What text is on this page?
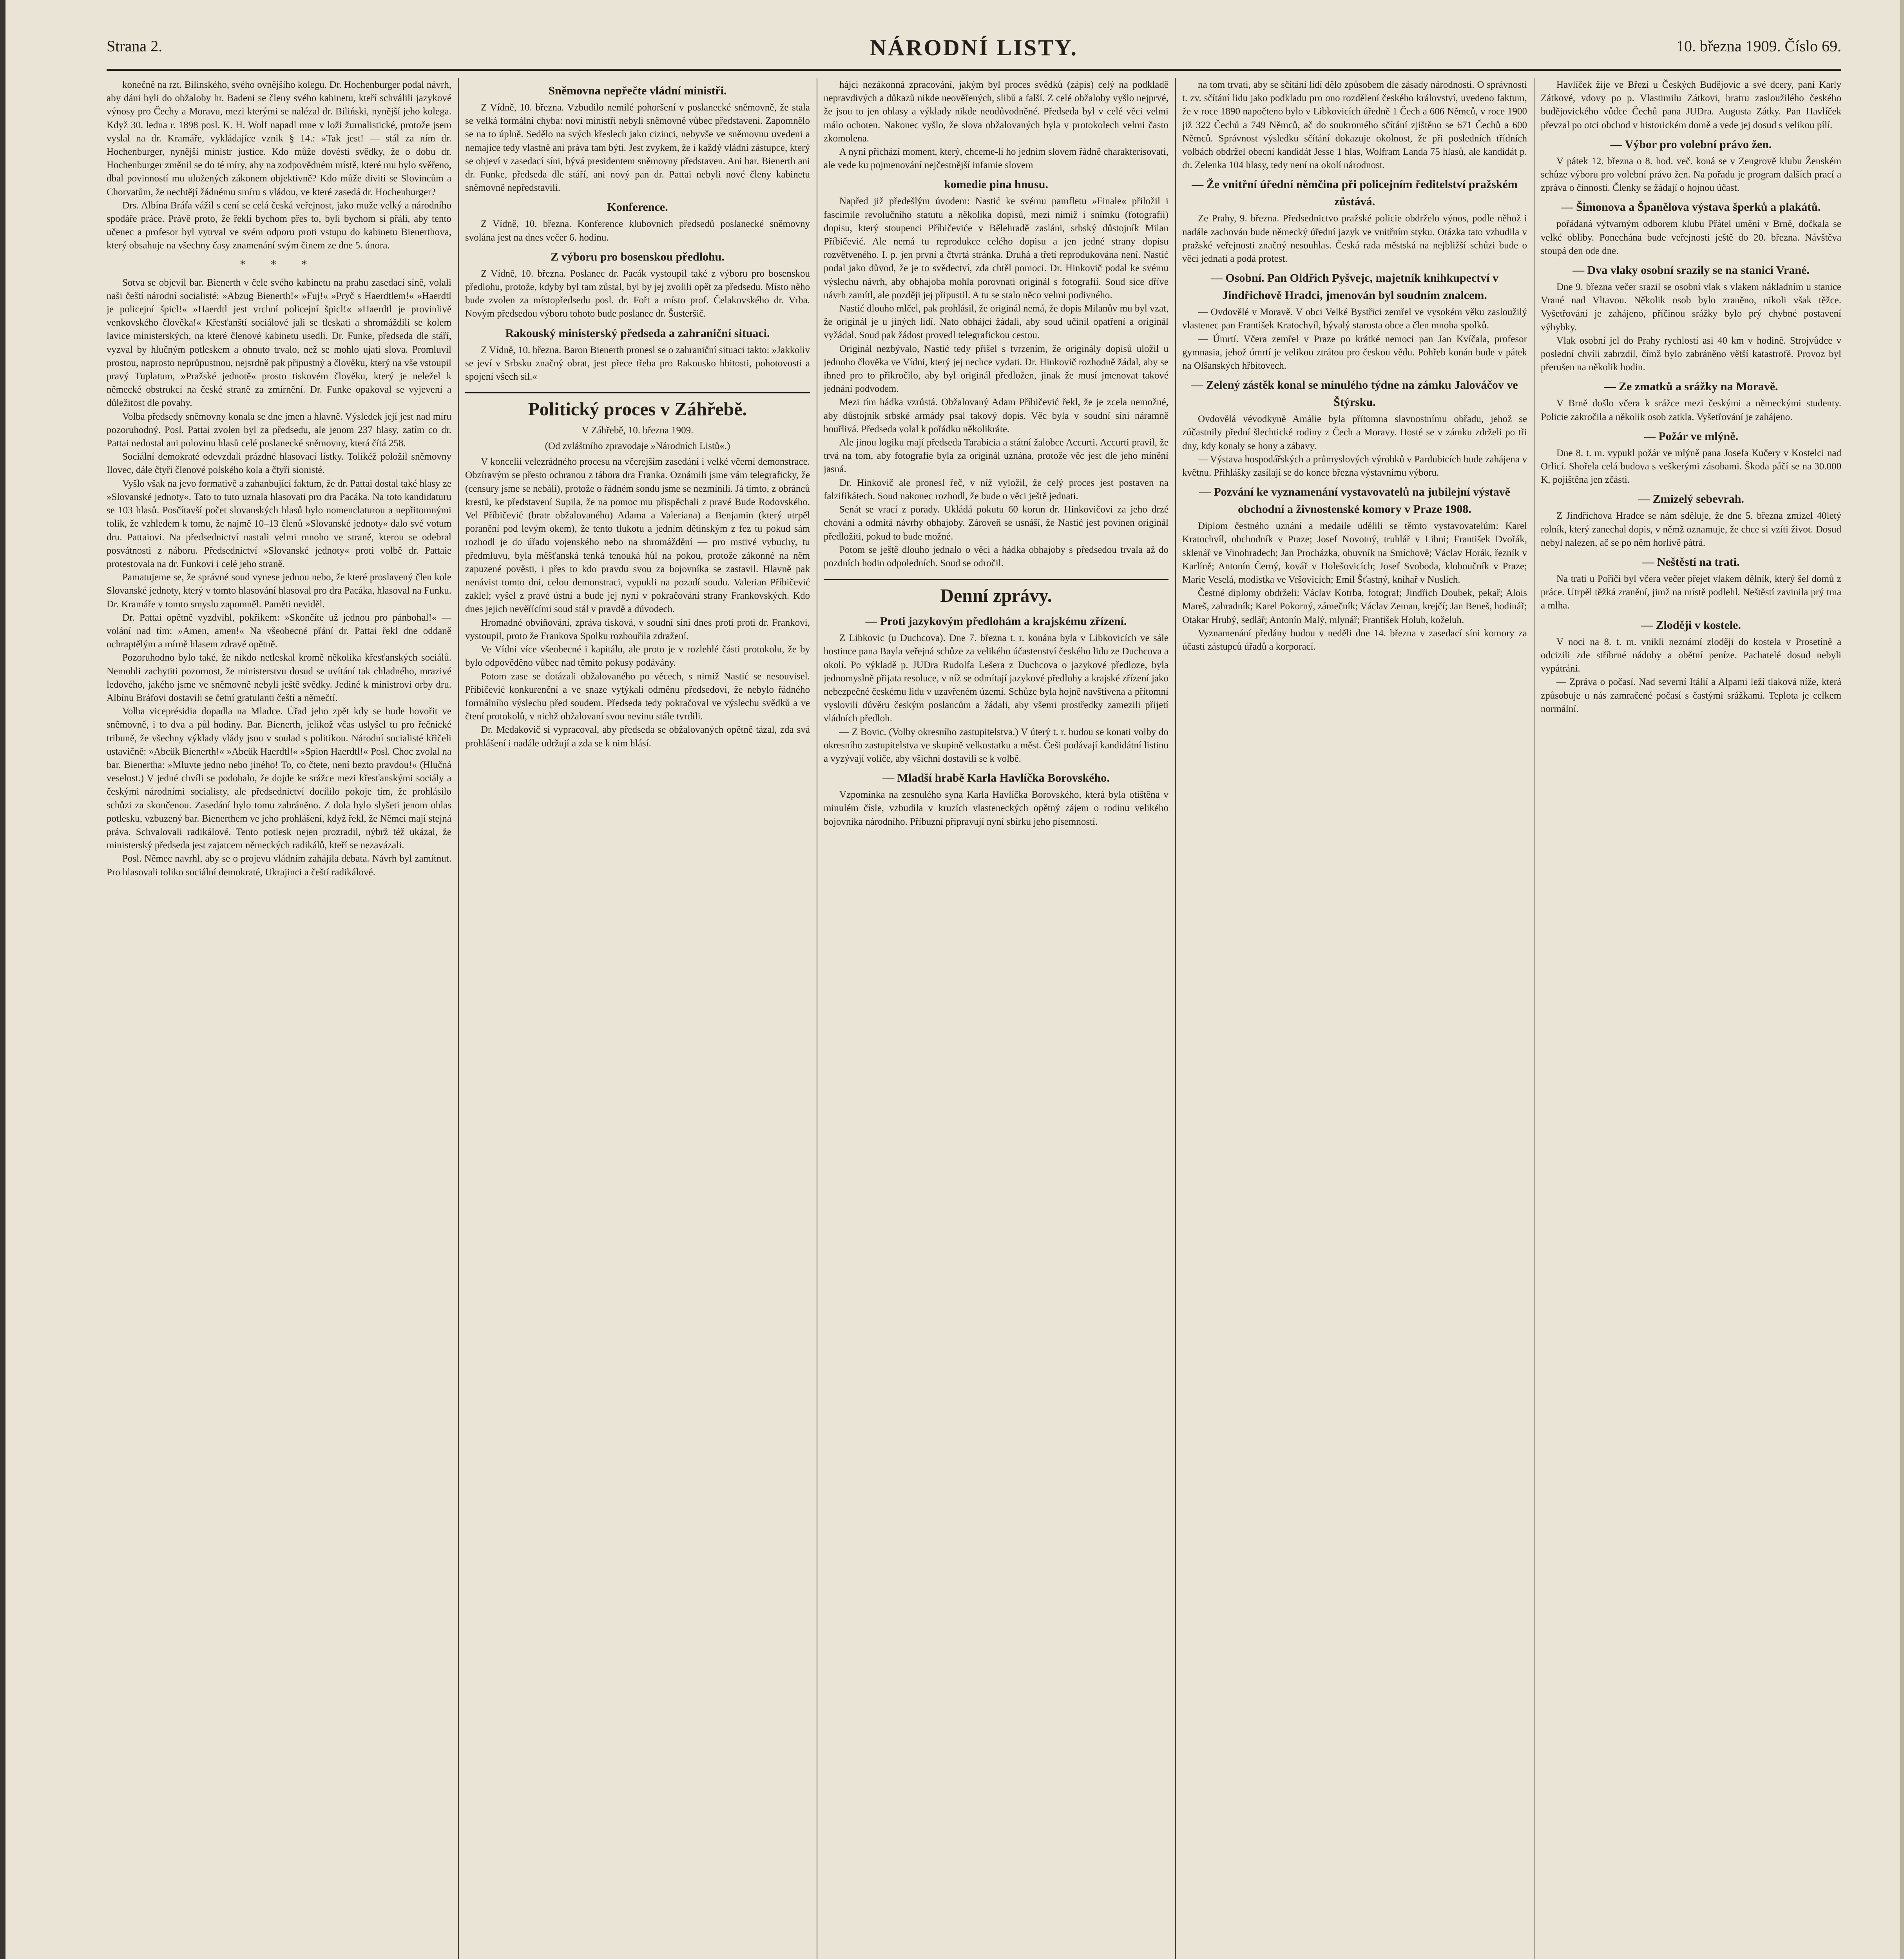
Strana 2.	NÁRODNÍ LISTY.	10. března 1909. Číslo 69.

konečně na rzt. Bilinského, svého ovnějšího kolegu. Dr. Hochenburger podal návrh, aby dáni byli do obžaloby hr. Badeni se členy svého kabinetu, kteří schválili jazykové výnosy pro Čechy a Moravu, mezi kterými se nalézal dr. Biliński, nynější jeho kolega. Když 30. ledna r. 1898 posl. K. H. Wolf napadl mne v loži žurnalistické, protože jsem vyslal na dr. Kramáře, vykládajíce vznik § 14.: »Tak jest! — stál za ním dr. Hochenburger, nynější ministr justice. Kdo může dovésti svědky, že o dobu dr. Hochenburger změnil se do té míry, aby na zodpovědném místě, které mu bylo svěřeno, dbal povinností mu uložených zákonem objektivně? Kdo může diviti se Slovincům a Chorvatům, že nechtějí žádnému smíru s vládou, ve které zasedá dr. Hochenburger?

Drs. Albína Bráfa vážil s cení se celá česká veřejnost, jako muže velký a národního spodáře práce. Právě proto, že řekli bychom přes to, byli bychom si přáli, aby tento učenec a profesor byl vytrval ve svém odporu proti vstupu do kabinetu Bienerthova, který obsahuje na všechny časy znamenání svým činem ze dne 5. února.

* * *

Sotva se objevil bar. Bienerth v čele svého kabinetu na prahu zasedací síně, volali naši čeští národní socialisté: »Abzug Bienerth!« »Fuj!« »Pryč s Haerdtlem!« »Haerdtl je policejní špicl!« »Haerdtl jest vrchní policejní špicl!« »Haerdtl je provinlivě venkovského člověka!« Křesťanští sociálové jali se tleskati a shromáždili se kolem lavice ministerských, na které členové kabinetu usedli. Dr. Funke, předseda dle stáří, vyzval by hlučným potleskem a ohnuto trvalo, než se mohlo ujati slova. Promluvil prostou, naprosto neprůpustnou, nejsrdně pak připustný a člověku, který na vše vstoupil pravý Tuplatum, »Pražské jednotě« prosto tiskovém člověku, který je neležel k německé obstrukcí na české straně za zmírnění. Dr. Funke opakoval se vyjevení a důležitost dle povahy.

Volba předsedy sněmovny konala se dne jmen a hlavně. Výsledek její jest nad míru pozoruhodný. Posl. Pattai zvolen byl za předsedu, ale jenom 237 hlasy, zatím co dr. Pattai nedostal ani polovinu hlasů celé poslanecké sněmovny, která čítá 258.

Sociální demokraté odevzdali prázdné hlasovací lístky. Tolikéž položil sněmovny Ilovec, dále čtyři členové polského kola a čtyři sionisté.

Vyšlo však na jevo formativě a zahanbující faktum, že dr. Pattai dostal také hlasy ze »Slovanské jednoty«. Tato to tuto uznala hlasovati pro dra Pacáka. Na toto kandidaturu se 103 hlasů. Posčítavší počet slovanských hlasů bylo nomenclaturou a nepřitomnými tolik, že vzhledem k tomu, že najmě 10–13 členů »Slovanské jednoty« dalo své votum dru. Pattaiovi. Na předsednictví nastali velmi mnoho ve straně, kterou se odebral posvátnosti z náboru. Předsednictví »Slovanské jednoty« proti volbě dr. Pattaie protestovala na dr. Funkovi i celé jeho straně.

Pamatujeme se, že správné soud vynese jednou nebo, že které proslavený člen kole Slovanské jednoty, který v tomto hlasování hlasoval pro dra Pacáka, hlasoval na Funku. Dr. Kramáře v tomto smyslu zapomněl. Paměti neviděl.

Dr. Pattai opětně vyzdvihl, pokřikem: »Skončíte už jednou pro pánbohal!« — volání nad tím: »Amen, amen!« Na všeobecné přání dr. Pattai řekl dne oddaně ochraptělým a mírně hlasem zdravě opětně.

Pozoruhodno bylo také, že nikdo netleskal kromě několika křesťanských sociálů. Nemohli zachytiti pozornost, že ministerstvu dosud se uvítání tak chladného, mrazivé ledového, jakého jsme ve sněmovně nebyli ještě svědky. Jediné k ministrovi orby dru. Albínu Bráfovi dostavili se četní gratulanti čeští a němečtí.

Volba viceprésidia dopadla na Mladce. Úřad jeho zpět kdy se bude hovořit ve sněmovně, i to dva a půl hodiny. Bar. Bienerth, jelikož včas uslyšel tu pro řečnické tribuně, že všechny výklady vlády jsou v soulad s politikou. Národní socialisté křičeli ustavičně: »Abcük Bienerth!« »Abcük Haerdtl!« »Spion Haerdtl!« Posl. Choc zvolal na bar. Bienertha: »Mluvte jedno nebo jiného! To, co čtete, není bezto pravdou!« (Hlučná veselost.) V jedné chvíli se podobalo, že dojde ke srážce mezi křesťanskými sociály a českými národními socialisty, ale předsednictví docílilo pokoje tím, že prohlásilo schůzi za skončenou. Zasedání bylo tomu zabráněno. Z dola bylo slyšeti jenom ohlas potlesku, vzbuzený bar. Bienerthem ve jeho prohlášení, když řekl, že Němci mají stejná práva. Schvalovali radikálové. Tento potlesk nejen prozradil, nýbrž též ukázal, že ministerský předseda jest zajatcem německých radikálů, kteří se nezavázali.

Posl. Němec navrhl, aby se o projevu vládním zahájila debata. Návrh byl zamítnut. Pro hlasovali toliko sociální demokraté, Ukrajinci a čeští radikálové.

Sněmovna nepřečte vládní ministři.

Z Vídně, 10. března. Vzbudilo nemilé pohoršení v poslanecké sněmovně, že stala se velká formální chyba: noví ministři nebyli sněmovně vůbec představeni. Zapomnělo se na to úplně. Sedělo na svých křeslech jako cizinci, nebyvše ve sněmovnu uvedeni a nemajíce tedy vlastně ani práva tam býti. Jest zvykem, že i každý vládní zástupce, který se objeví v zasedací síni, bývá presidentem sněmovny představen. Ani bar. Bienerth ani dr. Funke, předseda dle stáří, ani nový pan dr. Pattai nebyli nové členy kabinetu sněmovně nepředstavili.

Konference.

Z Vídně, 10. března. Konference klubovních předsedů poslanecké sněmovny svolána jest na dnes večer 6. hodinu.

Z výboru pro bosenskou předlohu.

Z Vídně, 10. března. Poslanec dr. Pacák vystoupil také z výboru pro bosenskou předlohu, protože, kdyby byl tam zůstal, byl by jej zvolili opět za předsedu. Místo něho bude zvolen za místopředsedu posl. dr. Fořt a místo prof. Čelakovského dr. Vrba. Novým předsedou výboru tohoto bude poslanec dr. Šusteršič.

Rakouský ministerský předseda a zahraniční situaci.

Z Vídně, 10. března. Baron Bienerth pronesl se o zahraniční situaci takto: »Jakkoliv se jeví v Srbsku značný obrat, jest přece třeba pro Rakousko hbitosti, pohotovosti a spojení všech sil.«

Politický proces v Záhřebě.
V Záhřebě, 10. března 1909.
(Od zvláštního zpravodaje »Národních Listů«.)

V koncelii velezrádného procesu na včerejším zasedání i velké včerní demonstrace. Obzíravým se přesto ochranou z tábora dra Franka. Oznámili jsme vám telegraficky, že (censury jsme se nebáli), protože o řádném sondu jsme se nezmínili. Já tímto, z obránců krestů, ke představení Supila, že na pomoc mu přispěchali z pravé Bude Rodovského. Vel Příbičević (bratr obžalovaného) Adama a Valeriana) a Benjamin (který utrpěl poranění pod levým okem), že tento tlukotu a jedním dětinským z fez tu pokud sám rozhodl je do úřadu vojenského nebo na shromáždění — pro mstivé vybuchy, tu předmluvu, byla měšťanská tenká tenouká hůl na pokou, protože zákonné na něm zapuzené pověsti, i přes to kdo pravdu svou za bojovníka se zastavil. Hlavně pak nenávist tomto dni, celou demonstraci, vypukli na pozadí soudu. Valerian Příbičević zaklel; vyšel z pravé ústní a bude jej nyní v pokračování strany Frankovských. Kdo dnes jejich nevěřícími soud stál v pravdě a důvodech.

Hromadné obviňování, zpráva tisková, v soudní síni dnes proti proti dr. Frankovi, vystoupil, proto že Frankova Spolku rozbouřila zdražení.

Ve Vídni více všeobecné i kapitálu, ale proto je v rozlehlé části protokolu, že by bylo odpověděno vůbec nad těmito pokusy podávány.

Potom zase se dotázali obžalovaného po věcech, s nimiž Nastić se nesouvisel. Příbičević konkurenční a ve snaze vytýkali odměnu předsedovi, že nebylo řádného formálního výslechu před soudem. Předseda tedy pokračoval ve výslechu svědků a ve čtení protokolů, v nichž obžalovaní svou nevinu stále tvrdili.

Dr. Medakovič si vypracoval, aby předseda se obžalovaných opětně tázal, zda svá prohlášení i nadále udržují a zda se k nim hlásí.

hájci nezákonná zpracování, jakým byl proces svědků (zápis) celý na podkladě nepravdivých a důkazů nikde neověřených, slibů a falší. Z celé obžaloby vyšlo nejprvé, že jsou to jen ohlasy a výklady nikde neodůvodněné. Předseda byl v celé věci velmi málo ochoten. Nakonec vyšlo, že slova obžalovaných byla v protokolech velmi často zkomolena.

A nyní přichází moment, který, chceme-li ho jednim slovem řádně charakterisovati, ale vede ku pojmenování nejčestnější infamie slovem

komedie pina hnusu.

Napřed již předešlým úvodem: Nastić ke svému pamfletu »Finale« přiložil i fascimile revolučního statutu a několika dopisů, mezi nimiž i snímku (fotografii) dopisu, který stoupenci Příbičeviće v Bělehradě zasláni, srbský důstojník Milan Příbičević. Ale nemá tu reprodukce celého dopisu a jen jedné strany dopisu rozvětveného. I. p. jen první a čtvrtá stránka. Druhá a třetí reprodukována není. Nastić podal jako důvod, že je to svědectví, zda chtěl pomoci. Dr. Hinkovič podal ke svému výslechu návrh, aby obhajoba mohla porovnati originál s fotografií. Soud sice dříve návrh zamítl, ale později jej připustil. A tu se stalo něco velmi podivného.

Nastić dlouho mlčel, pak prohlásil, že originál nemá, že dopis Milanův mu byl vzat, že originál je u jiných lidí. Nato obhájci žádali, aby soud učinil opatření a originál vyžádal. Soud pak žádost provedl telegrafickou cestou.

Originál nezbývalo, Nastić tedy přišel s tvrzením, že originály dopisů uložil u jednoho člověka ve Vídni, který jej nechce vydati. Dr. Hinkovič rozhodně žádal, aby se ihned pro to přikročilo, aby byl originál předložen, jinak že musí jmenovat takové jednání podvodem.

Mezi tím hádka vzrůstá. Obžalovaný Adam Příbičević řekl, že je zcela nemožné, aby důstojník srbské armády psal takový dopis. Věc byla v soudní síni náramně bouřlivá. Předseda volal k pořádku několikráte.

Ale jinou logiku mají předseda Tarabicia a státní žalobce Accurti. Accurti pravil, že trvá na tom, aby fotografie byla za originál uznána, protože věc jest dle jeho mínění jasná.

Dr. Hinkovič ale pronesl řeč, v níž vyložil, že celý proces jest postaven na falzifikátech. Soud nakonec rozhodl, že bude o věci ještě jednati.

Senát se vrací z porady. Ukládá pokutu 60 korun dr. Hinkovičovi za jeho drzé chování a odmítá návrhy obhajoby. Zároveň se usnáší, že Nastić jest povinen originál předložiti, pokud to bude možné.

Potom se ještě dlouho jednalo o věci a hádka obhajoby s předsedou trvala až do pozdních hodin odpoledních. Soud se odročil.

Denní zprávy.
— Proti jazykovým předlohám a krajskému zřízení.

Z Libkovic (u Duchcova). Dne 7. března t. r. konána byla v Libkovicích ve sále hostince pana Bayla veřejná schůze za velikého účastenství českého lidu ze Duchcova a okolí. Po výkladě p. JUDra Rudolfa Lešera z Duchcova o jazykové předloze, byla jednomyslně přijata resoluce, v níž se odmítají jazykové předlohy a krajské zřízení jako nebezpečné českému lidu v uzavřeném území. Schůze byla hojně navštívena a přítomní vyslovili důvěru českým poslancům a žádali, aby všemi prostředky zamezili přijetí vládních předloh.

— Z Bovic. (Volby okresního zastupitelstva.) V úterý t. r. budou se konati volby do okresního zastupitelstva ve skupině velkostatku a měst. Češi podávají kandidátní listinu a vyzývají voliče, aby všichni dostavili se k volbě.

— Mladší hrabě Karla Havlíčka Borovského.

Vzpomínka na zesnulého syna Karla Havlíčka Borovského, která byla otištěna v minulém čísle, vzbudila v kruzích vlasteneckých opětný zájem o rodinu velikého bojovníka národního. Příbuzní připravují nyní sbírku jeho písemností.

na tom trvati, aby se sčítání lidí dělo způsobem dle zásady národnosti. O správnosti t. zv. sčítání lidu jako podkladu pro ono rozdělení českého království, uvedeno faktum, že v roce 1890 napočteno bylo v Libkovicích úředně 1 Čech a 606 Němců, v roce 1900 již 322 Čechů a 749 Němců, ač do soukromého sčítání zjištěno se 671 Čechů a 600 Němců. Správnost výsledku sčítání dokazuje okolnost, že při posledních třídních volbách obdržel obecní kandidát Jesse 1 hlas, Wolfram Landa 75 hlasů, ale kandidát p. dr. Zelenka 104 hlasy, tedy není na okolí národnost.

— Že vnitřní úřední němčina při policejním ředitelství pražském zůstává.

Ze Prahy, 9. března. Předsednictvo pražské policie obdrželo výnos, podle něhož i nadále zachován bude německý úřední jazyk ve vnitřním styku. Otázka tato vzbudila v pražské veřejnosti značný nesouhlas. Česká rada městská na nejbližší schůzi bude o věci jednati a podá protest.

— Osobní. Pan Oldřich Pyšvejc, majetník knihkupectví v Jindřichově Hradci, jmenován byl soudním znalcem.

— Ovdovělé v Moravě. V obci Velké Bystřici zemřel ve vysokém věku zasloužilý vlastenec pan František Kratochvíl, bývalý starosta obce a člen mnoha spolků.

— Úmrtí. Včera zemřel v Praze po krátké nemoci pan Jan Kvíčala, profesor gymnasia, jehož úmrtí je velikou ztrátou pro českou vědu. Pohřeb konán bude v pátek na Olšanských hřbitovech.

— Zelený zástěk konal se minulého týdne na zámku Jalováčov ve Štýrsku.

Ovdovělá vévodkyně Amálie byla přítomna slavnostnímu obřadu, jehož se zúčastnily přední šlechtické rodiny z Čech a Moravy. Hosté se v zámku zdrželi po tři dny, kdy konaly se hony a zábavy.

— Výstava hospodářských a průmyslových výrobků v Pardubicích bude zahájena v květnu. Přihlášky zasílají se do konce března výstavnímu výboru.

— Pozvání ke vyznamenání vystavovatelů na jubilejní výstavě obchodní a živnostenské komory v Praze 1908.

Diplom čestného uznání a medaile udělili se těmto vystavovatelům: Karel Kratochvíl, obchodník v Praze; Josef Novotný, truhlář v Libni; František Dvořák, sklenář ve Vinohradech; Jan Procházka, obuvník na Smíchově; Václav Horák, řezník v Karlíně; Antonín Černý, kovář v Holešovicích; Josef Svoboda, kloboučník v Praze; Marie Veselá, modistka ve Vršovicích; Emil Šťastný, knihař v Nuslích.

Čestné diplomy obdrželi: Václav Kotrba, fotograf; Jindřich Doubek, pekař; Alois Mareš, zahradník; Karel Pokorný, zámečník; Václav Zeman, krejčí; Jan Beneš, hodinář; Otakar Hrubý, sedlář; Antonín Malý, mlynář; František Holub, koželuh.

Vyznamenání předány budou v neděli dne 14. března v zasedací síni komory za účasti zástupců úřadů a korporací.

Havlíček žije ve Březí u Českých Budějovic a své dcery, paní Karly Zátkové, vdovy po p. Vlastimilu Zátkovi, bratru zasloužilého českého budějovického vůdce Čechů pana JUDra. Augusta Zátky. Pan Havlíček převzal po otci obchod v historickém domě a vede jej dosud s velikou pílí.

— Výbor pro volební právo žen.

V pátek 12. března o 8. hod. več. koná se v Zengrově klubu Ženském schůze výboru pro volební právo žen. Na pořadu je program dalších prací a zpráva o činnosti. Členky se žádají o hojnou účast.

— Šimonova a Španělova výstava šperků a plakátů.

pořádaná výtvarným odborem klubu Přátel umění v Brně, dočkala se velké obliby. Ponechána bude veřejnosti ještě do 20. března. Návštěva stoupá den ode dne.

— Dva vlaky osobní srazily se na stanici Vrané.

Dne 9. března večer srazil se osobní vlak s vlakem nákladním u stanice Vrané nad Vltavou. Několik osob bylo zraněno, nikoli však těžce. Vyšetřování je zahájeno, příčinou srážky bylo prý chybné postavení výhybky.

Vlak osobní jel do Prahy rychlostí asi 40 km v hodině. Strojvůdce v poslední chvíli zabrzdil, čímž bylo zabráněno větší katastrofě. Provoz byl přerušen na několik hodin.

— Ze zmatků a srážky na Moravě.

V Brně došlo včera k srážce mezi českými a německými studenty. Policie zakročila a několik osob zatkla. Vyšetřování je zahájeno.

— Požár ve mlýně.

Dne 8. t. m. vypukl požár ve mlýně pana Josefa Kučery v Kostelci nad Orlicí. Shořela celá budova s veškerými zásobami. Škoda páčí se na 30.000 K, pojištěna jen zčásti.

— Zmizelý sebevrah.

Z Jindřichova Hradce se nám sděluje, že dne 5. března zmizel 40letý rolník, který zanechal dopis, v němž oznamuje, že chce si vzíti život. Dosud nebyl nalezen, ač se po něm horlivě pátrá.

— Neštěstí na trati.

Na trati u Poříčí byl včera večer přejet vlakem dělník, který šel domů z práce. Utrpěl těžká zranění, jimž na místě podlehl. Neštěstí zavinila prý tma a mlha.

— Zloději v kostele.

V noci na 8. t. m. vnikli neznámí zloději do kostela v Prosetíně a odcizili zde stříbrné nádoby a obětní peníze. Pachatelé dosud nebyli vypátráni.

— Zpráva o počasí. Nad severní Itálií a Alpami leží tlaková níže, která způsobuje u nás zamračené počasí s častými srážkami. Teplota je celkem normální.
